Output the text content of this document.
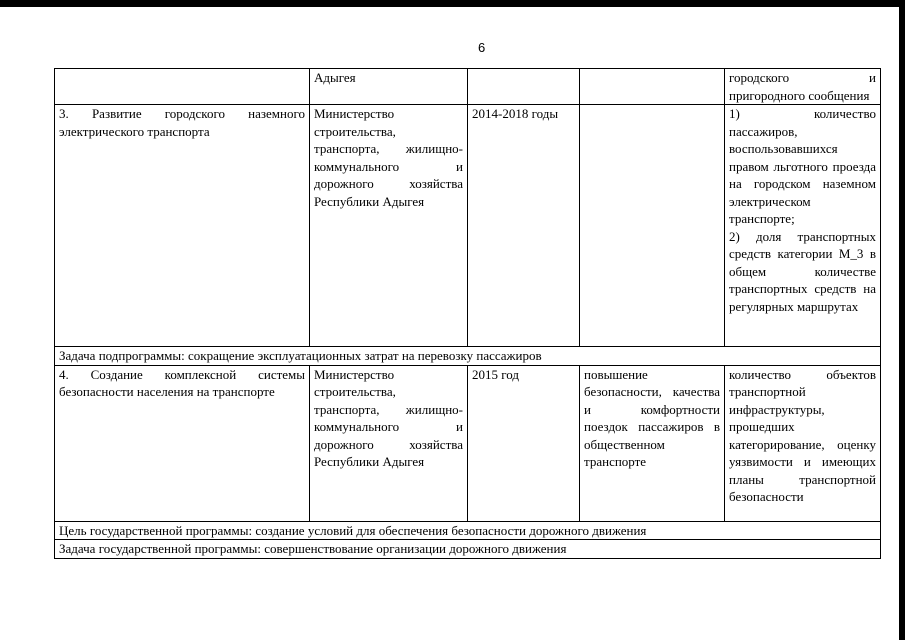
6
	Адыгея			городского и пригородного сообщения
3. Развитие городского наземного электрического транспорта	Министерство строительства, транспорта, жилищно-коммунального и дорожного хозяйства Республики Адыгея	2014-2018 годы		1) количество пассажиров, воспользовавшихся правом льготного проезда на городском наземном электрическом транспорте;
2) доля транспортных средств категории М_3 в общем количестве транспортных средств на регулярных маршрутах
Задача подпрограммы: сокращение эксплуатационных затрат на перевозку пассажиров				
4. Создание комплексной системы безопасности населения на транспорте	Министерство строительства, транспорта, жилищно-коммунального и дорожного хозяйства Республики Адыгея	2015 год	повышение безопасности, качества и комфортности поездок пассажиров в общественном транспорте	количество объектов транспортной инфраструктуры, прошедших категорирование, оценку уязвимости и имеющих планы транспортной безопасности
Цель государственной программы: создание условий для обеспечения безопасности дорожного движения				
Задача государственной программы: совершенствование организации дорожного движения				
